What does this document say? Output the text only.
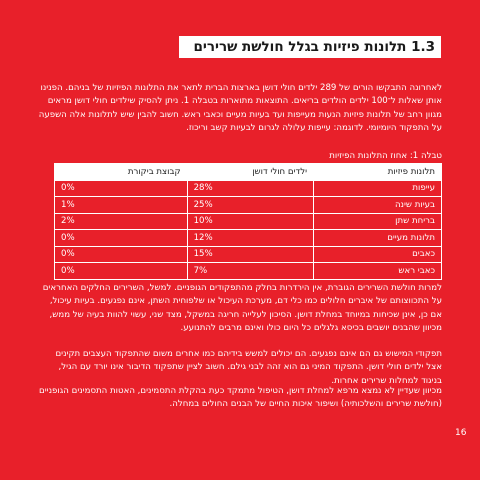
1.3 תלונות פיזיות בגלל חולשת שרירים
לאחרונה התבקשו הורים של 289 ילדים חולי דושן בארצות הברית לתאר את התלונות הפיזיות של בניהם. הפנינו אותן שאלות ל־100 ילדים הולדים בריאים. התוצאות מתוארות בטבלה 1. ניתן להסיק שילדים חולי דושן מראים מגוון רחב של תלונות פיזיות הנעות מעייפות ועד בעיות מעיים וכאבי ראש. חשוב להבין שיש לתלונות אלה השפעה על התפקוד היומיומי. לדוגמה: עייפות עלולה לגרום לבעיות קשב וריכוז.
טבלה 1: אחוז התלונות הפיזיות
תלונות פיזיות	ילדים חולי דושן	קבוצת ביקורת
עייפות	28%	0%
בעיות שינה	25%	1%
בריחת שתן	10%	2%
תלונות מעיים	12%	0%
כאבים	15%	0%
כאבי ראש	7%	0%
למרות חולשת השרירים הגוברת, אין הירדרות בחלק מהתפקודים הגופניים. למשל, השרירים החלקים האחראים על התכווצותם של איברים חלולים כמו כלי דם, מערכת העיכול או שלפוחית השתן, אינם נפגעים. בעיות עיכול, אם כן, אינן שכיחות במיוחד במחלת דושן. הסיכון לעלייה חריגה במשקל, מצד שני, עשוי להוות בעיה של ממש, מכיוון שהבנים יושבים בכיסא גלגלים כל היום כולו ואינם מרבים להתנועע.
תפקודי המישוש גם הם אינם נפגעים. הם יכולים למשש בידיהם כמו אחרים משום שהתפקוד העצבים תקינים אצל ילדים חולי דושן. התפקוד המיני גם הוא זהה לבני גילם. חשוב לציין שתפקוד הדיבור אינו יורד עם הגיל, בניגוד למחלות שרירים אחרות.
מכיוון שעדיין לא נמצא מרפא למחלת דושן, הטיפול מתמקד כעת בהקלת התסמינים, האטות התסמינים הגופניים (חולשת שרירים והשלכותיה) ושיפור איכות החיים של הבנים החולים במחלה.
16
